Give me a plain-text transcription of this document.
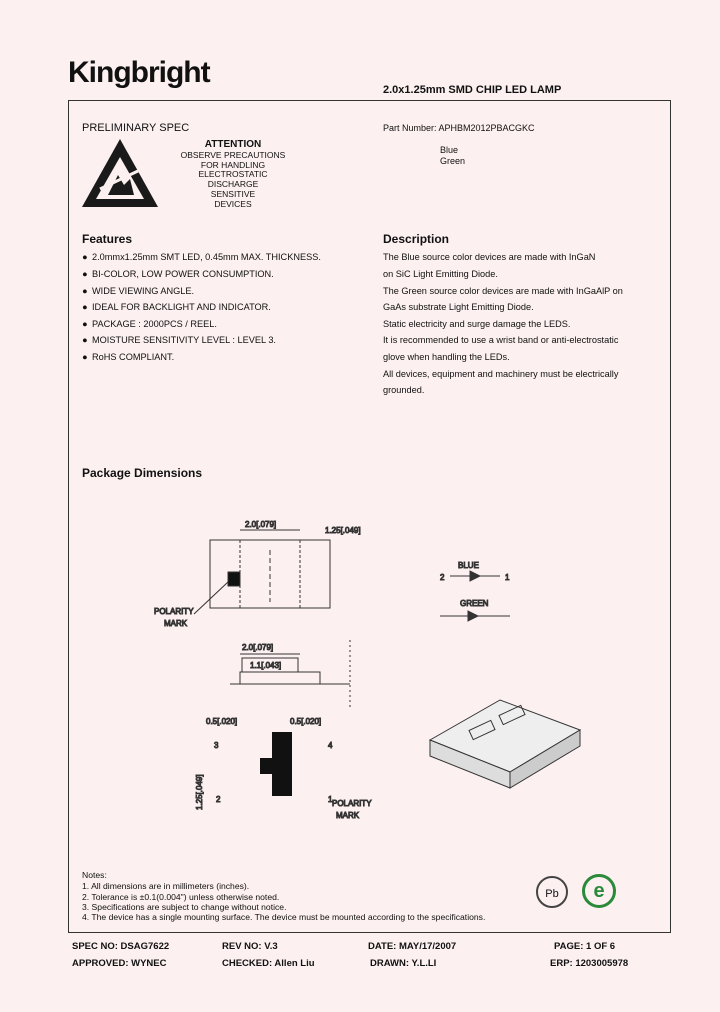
Kingbright
2.0x1.25mm SMD CHIP LED LAMP
PRELIMINARY SPEC
ATTENTION
OBSERVE PRECAUTIONS
FOR HANDLING
ELECTROSTATIC
DISCHARGE
SENSITIVE
DEVICES
Part Number: APHBM2012PBACGKC
Blue
Green
Features
● 2.0mmx1.25mm SMT LED, 0.45mm MAX. THICKNESS.
● BI-COLOR, LOW POWER CONSUMPTION.
● WIDE VIEWING ANGLE.
● IDEAL FOR BACKLIGHT AND INDICATOR.
● PACKAGE : 2000PCS / REEL.
● MOISTURE SENSITIVITY LEVEL : LEVEL 3.
● RoHS COMPLIANT.
Description
The Blue source color devices are made with InGaN
on SiC Light Emitting Diode.
The Green source color devices are made with InGaAlP on
GaAs substrate Light Emitting Diode.
Static electricity and surge damage the LEDS.
It is recommended to use a wrist band or anti-electrostatic
glove when handling the LEDs.
All devices, equipment and machinery must be electrically
grounded.
Package Dimensions
2.0[.079]
1.25[.049]
POLARITY
MARK
2.0[.079]
1.1[.043]
0.5[.020]	0.5[.020]
3
2
4
1 POLARITY
MARK
1.25[.049]
BLUE
2	1
GREEN
Notes:
1. All dimensions are in millimeters (inches).
2. Tolerance is ±0.1(0.004") unless otherwise noted.
3. Specifications are subject to change without notice.
4. The device has a single mounting surface. The device must be mounted according to the specifications.
Pb	e
SPEC NO: DSAG7622	REV NO: V.3	DATE: MAY/17/2007	PAGE: 1 OF 6
APPROVED: WYNEC	CHECKED: Allen Liu	DRAWN: Y.L.LI	ERP: 1203005978
